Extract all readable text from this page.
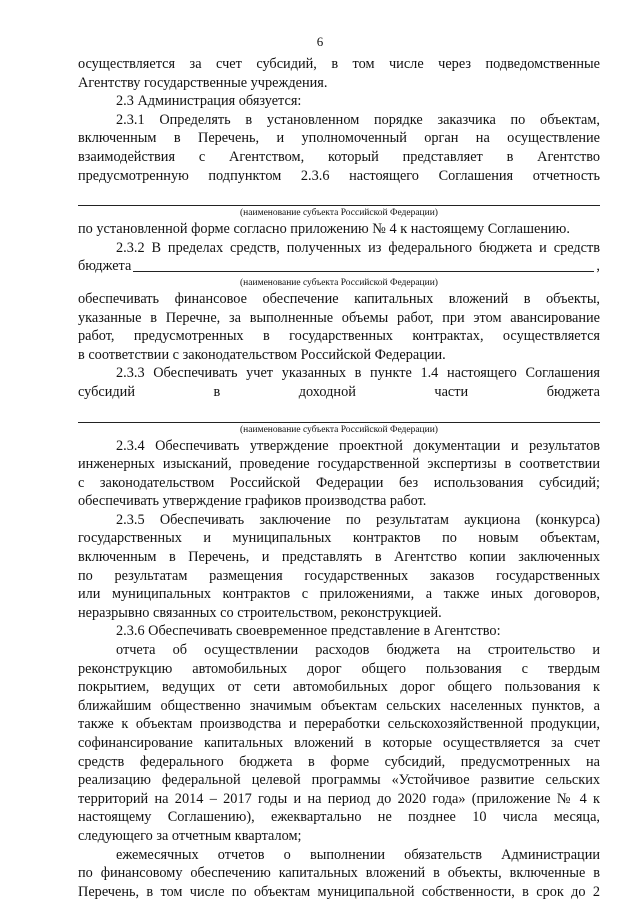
6

осуществляется за счет субсидий, в том числе через подведомственные

Агентству государственные учреждения.

2.3 Администрация обязуется:

2.3.1 Определять в установленном порядке заказчика по объектам,

включенным в Перечень, и уполномоченный орган на осуществление

взаимодействия с Агентством, который представляет в Агентство

предусмотренную подпунктом 2.3.6 настоящего Соглашения отчетность

(наименование субъекта Российской Федерации)

по установленной форме согласно приложению № 4 к настоящему Соглашению.

2.3.2 В пределах средств, полученных из федерального бюджета и средств

бюджета	,
(наименование субъекта Российской Федерации)

обеспечивать финансовое обеспечение капитальных вложений в объекты,

указанные в Перечне, за выполненные объемы работ, при этом авансирование

работ, предусмотренных в государственных контрактах, осуществляется

в соответствии с законодательством Российской Федерации.

2.3.3 Обеспечивать учет указанных в пункте 1.4 настоящего Соглашения

субсидий в доходной части бюджета

(наименование субъекта Российской Федерации)

2.3.4 Обеспечивать утверждение проектной документации и результатов

инженерных изысканий, проведение государственной экспертизы в соответствии

с законодательством Российской Федерации без использования субсидий;

обеспечивать утверждение графиков производства работ.

2.3.5 Обеспечивать заключение по результатам аукциона (конкурса)

государственных и муниципальных контрактов по новым объектам,

включенным в Перечень, и представлять в Агентство копии заключенных

по результатам размещения государственных заказов государственных

или муниципальных контрактов с приложениями, а также иных договоров,

неразрывно связанных со строительством, реконструкцией.

2.3.6 Обеспечивать своевременное представление в Агентство:

отчета об осуществлении расходов бюджета на строительство и

реконструкцию автомобильных дорог общего пользования с твердым

покрытием, ведущих от сети автомобильных дорог общего пользования к

ближайшим общественно значимым объектам сельских населенных пунктов, а

также к объектам производства и переработки сельскохозяйственной продукции,

софинансирование капитальных вложений в которые осуществляется за счет

средств федерального бюджета в форме субсидий, предусмотренных на

реализацию федеральной целевой программы «Устойчивое развитие сельских

территорий на 2014 – 2017 годы и на период до 2020 года» (приложение № 4 к

настоящему Соглашению), ежеквартально не позднее 10 числа месяца,

следующего за отчетным кварталом;

ежемесячных отчетов о выполнении обязательств Администрации

по финансовому обеспечению капитальных вложений в объекты, включенные в

Перечень, в том числе по объектам муниципальной собственности, в срок до 2
